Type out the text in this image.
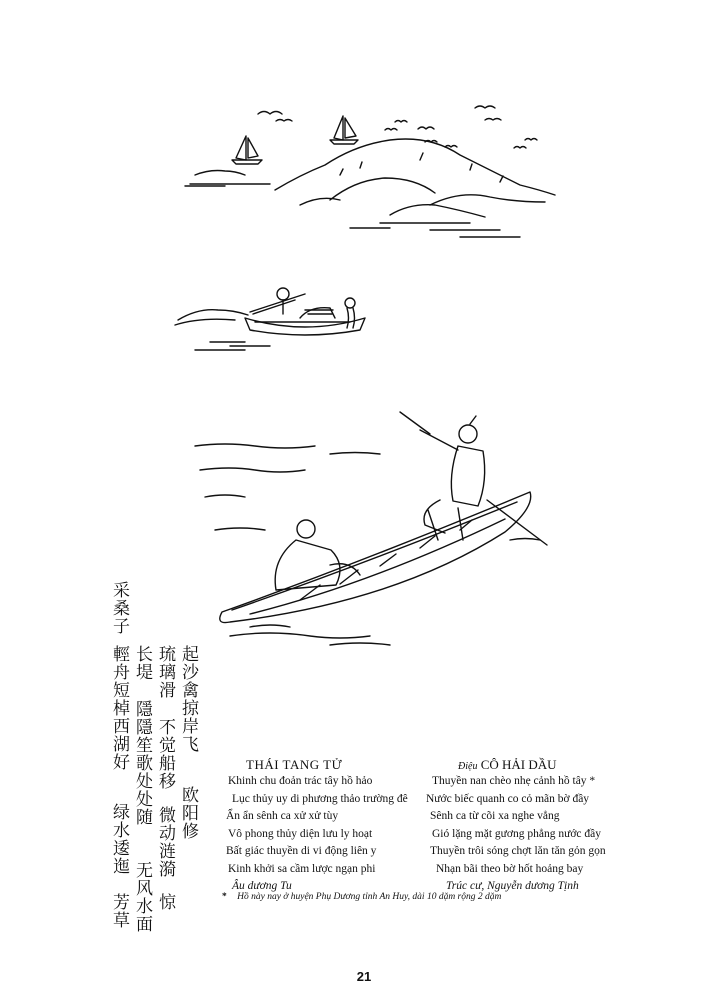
采桑子
輕舟短棹西湖好
绿水逶迤
芳草
长堤
隱隱笙歌处处随
无风水面
琉璃滑
不觉船移
微动涟漪
惊
起沙禽掠岸飞
欧阳修
THÁI TANG TỬ	Điệu CÔ HẢI DẦU
Khinh chu đoản trác tây hồ hảo
Lục thủy uy di phương thảo trường đê
Ẩn ẩn sênh ca xử xử tùy
Vô phong thủy diện lưu ly hoạt
Bất giác thuyền di vi động liên y
Kinh khởi sa cầm lược ngạn phi
Âu dương Tu
Thuyền nan chèo nhẹ cảnh hồ tây *
Nước biếc quanh co cỏ mãn bờ đầy
Sênh ca từ cõi xa nghe vẳng
Gió lặng mặt gương phẳng nước đầy
Thuyền trôi sóng chợt lăn tăn gỏn gọn
Nhạn bãi theo bờ hốt hoảng bay
Trúc cư, Nguyễn dương Tịnh
* Hồ này nay ở huyện Phụ Dương tỉnh An Huy, dài 10 dặm rộng 2 dặm
21
